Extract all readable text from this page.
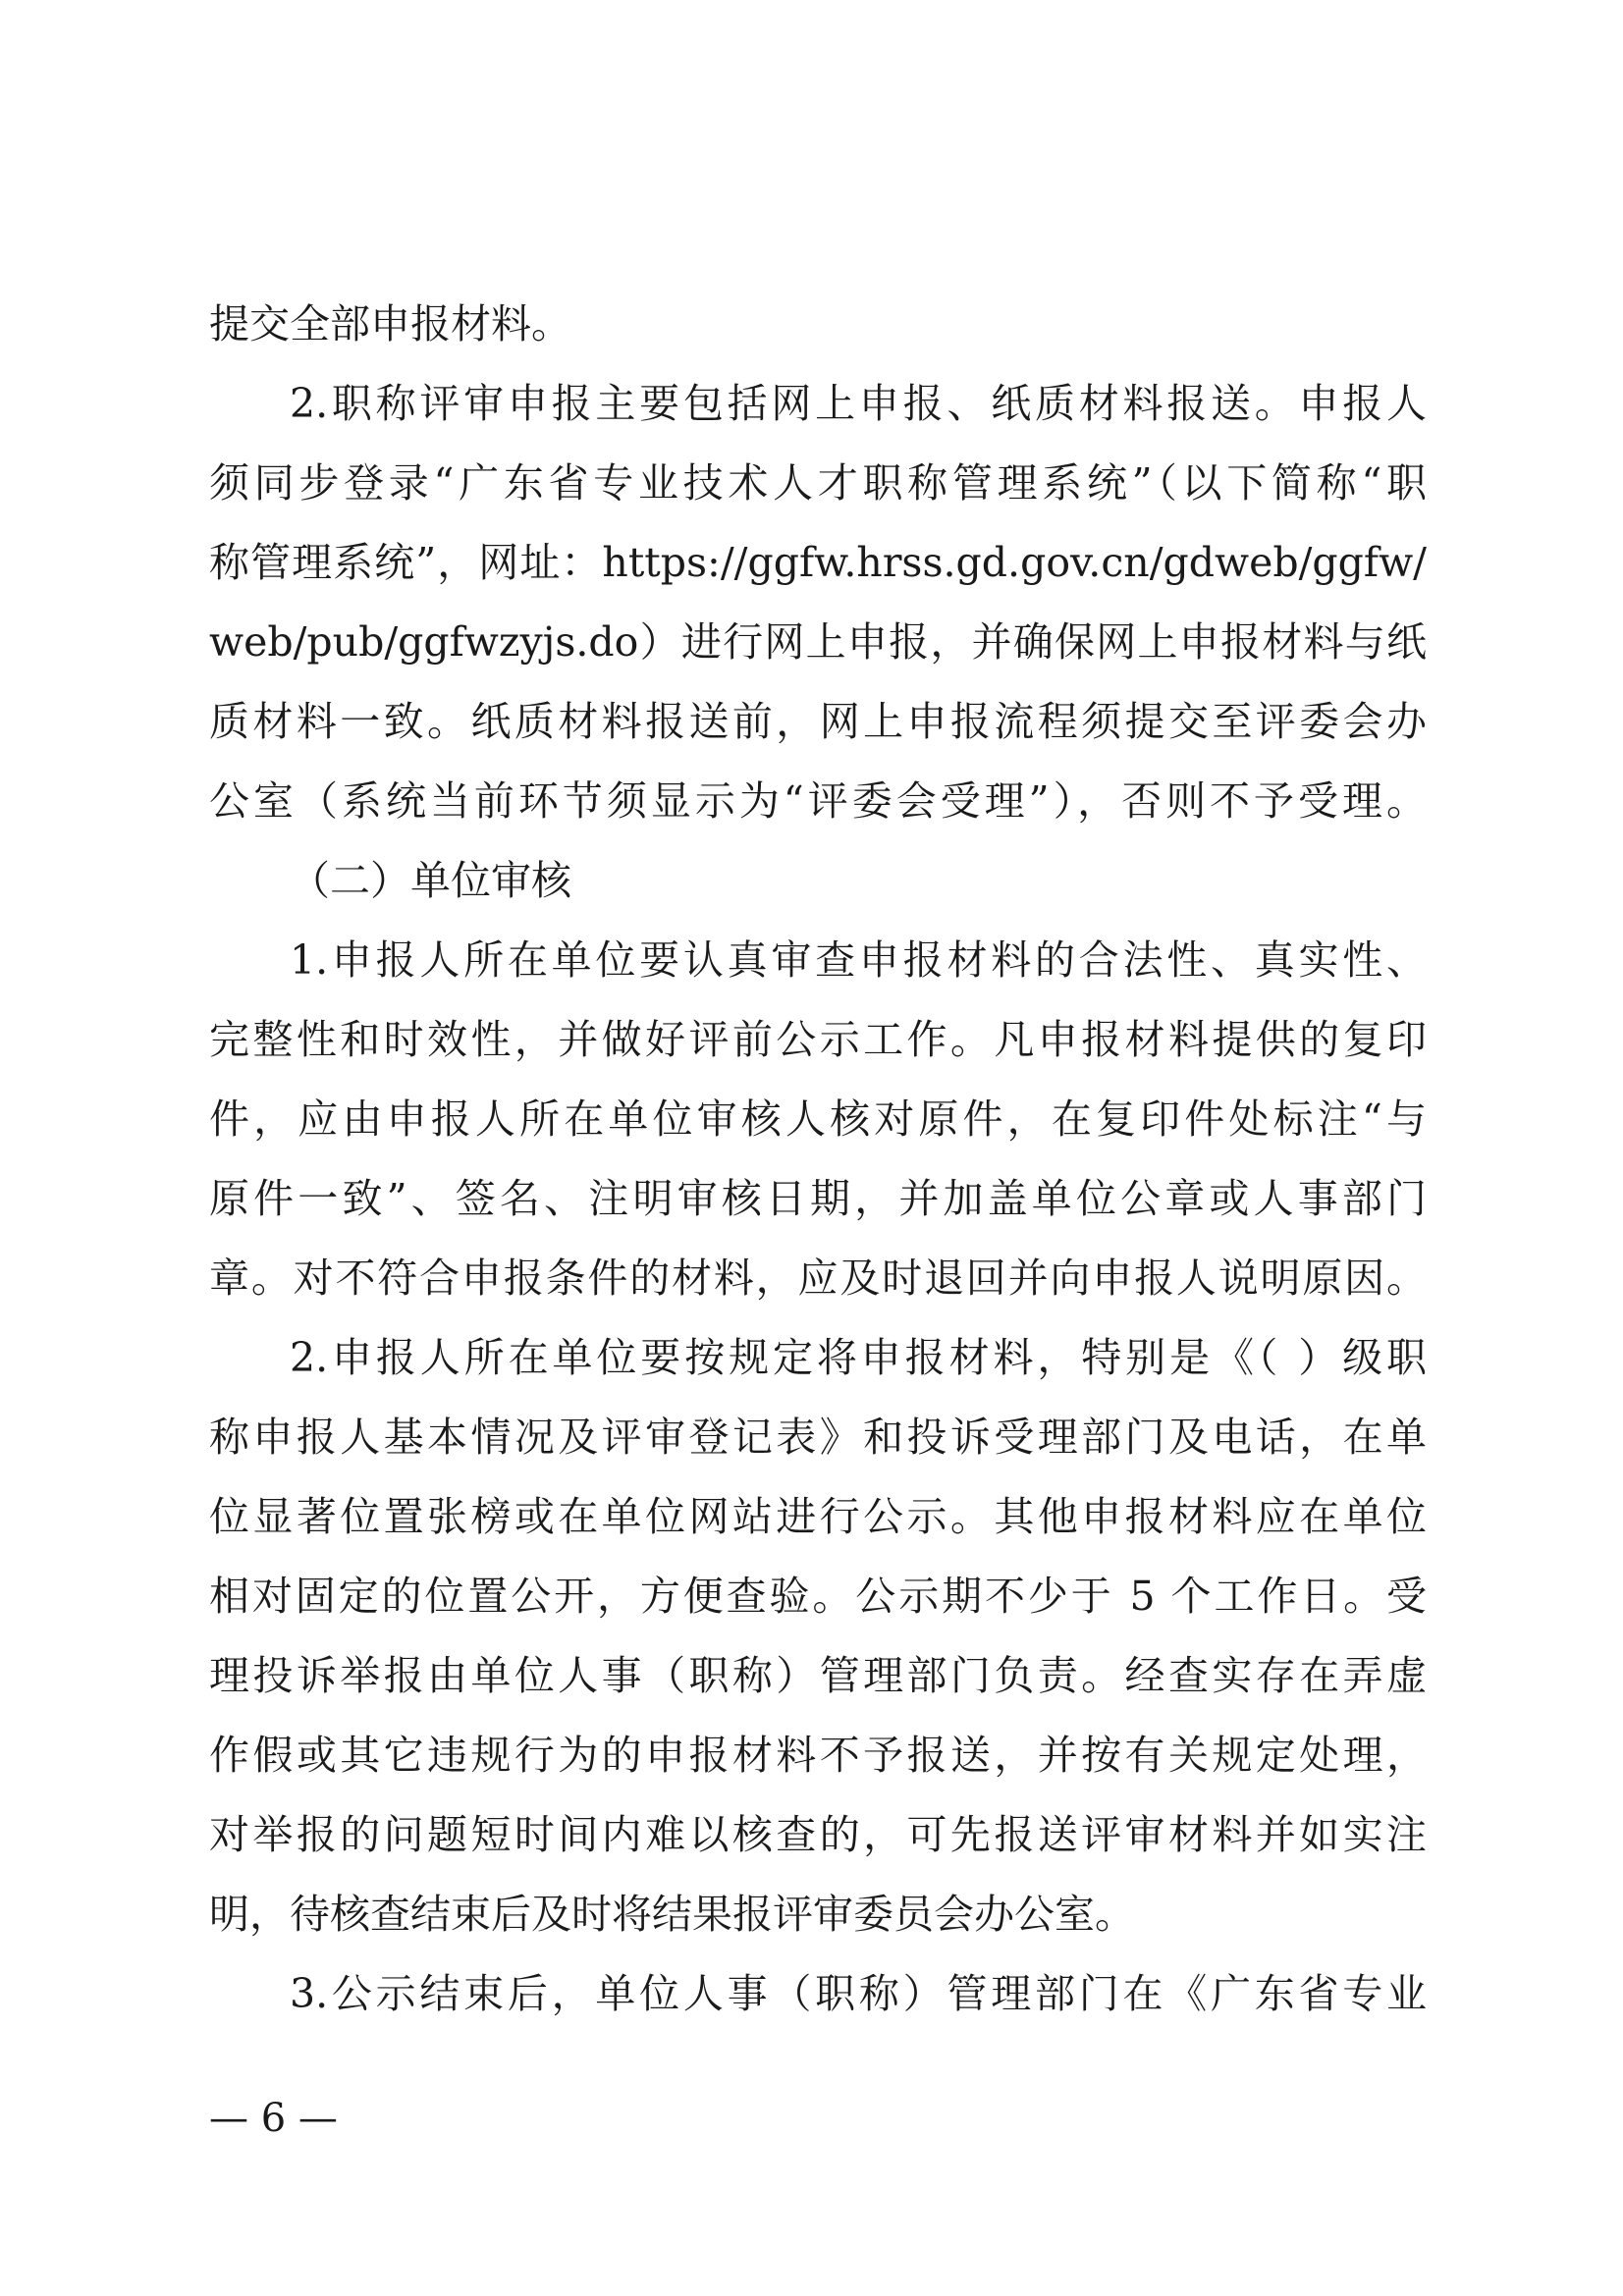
提交全部申报材料。
2.职称评审申报主要包括网上申报、纸质材料报送。申报人
须同步登录“广东省专业技术人才职称管理系统”（以下简称“职
称管理系统”，网址：https://ggfw.hrss.gd.gov.cn/gdweb/ggfw/
web/pub/ggfwzyjs.do）进行网上申报，并确保网上申报材料与纸
质材料一致。纸质材料报送前，网上申报流程须提交至评委会办
公室（系统当前环节须显示为“评委会受理”），否则不予受理。
（二）单位审核
1.申报人所在单位要认真审查申报材料的合法性、真实性、
完整性和时效性，并做好评前公示工作。凡申报材料提供的复印
件，应由申报人所在单位审核人核对原件，在复印件处标注“与
原件一致”、签名、注明审核日期，并加盖单位公章或人事部门
章。对不符合申报条件的材料，应及时退回并向申报人说明原因。
2.申报人所在单位要按规定将申报材料，特别是《（ ）级职
称申报人基本情况及评审登记表》和投诉受理部门及电话，在单
位显著位置张榜或在单位网站进行公示。其他申报材料应在单位
相对固定的位置公开，方便查验。公示期不少于 5 个工作日。受
理投诉举报由单位人事（职称）管理部门负责。经查实存在弄虚
作假或其它违规行为的申报材料不予报送，并按有关规定处理，
对举报的问题短时间内难以核查的，可先报送评审材料并如实注
明，待核查结束后及时将结果报评审委员会办公室。
3.公示结束后，单位人事（职称）管理部门在《广东省专业
— 6 —
